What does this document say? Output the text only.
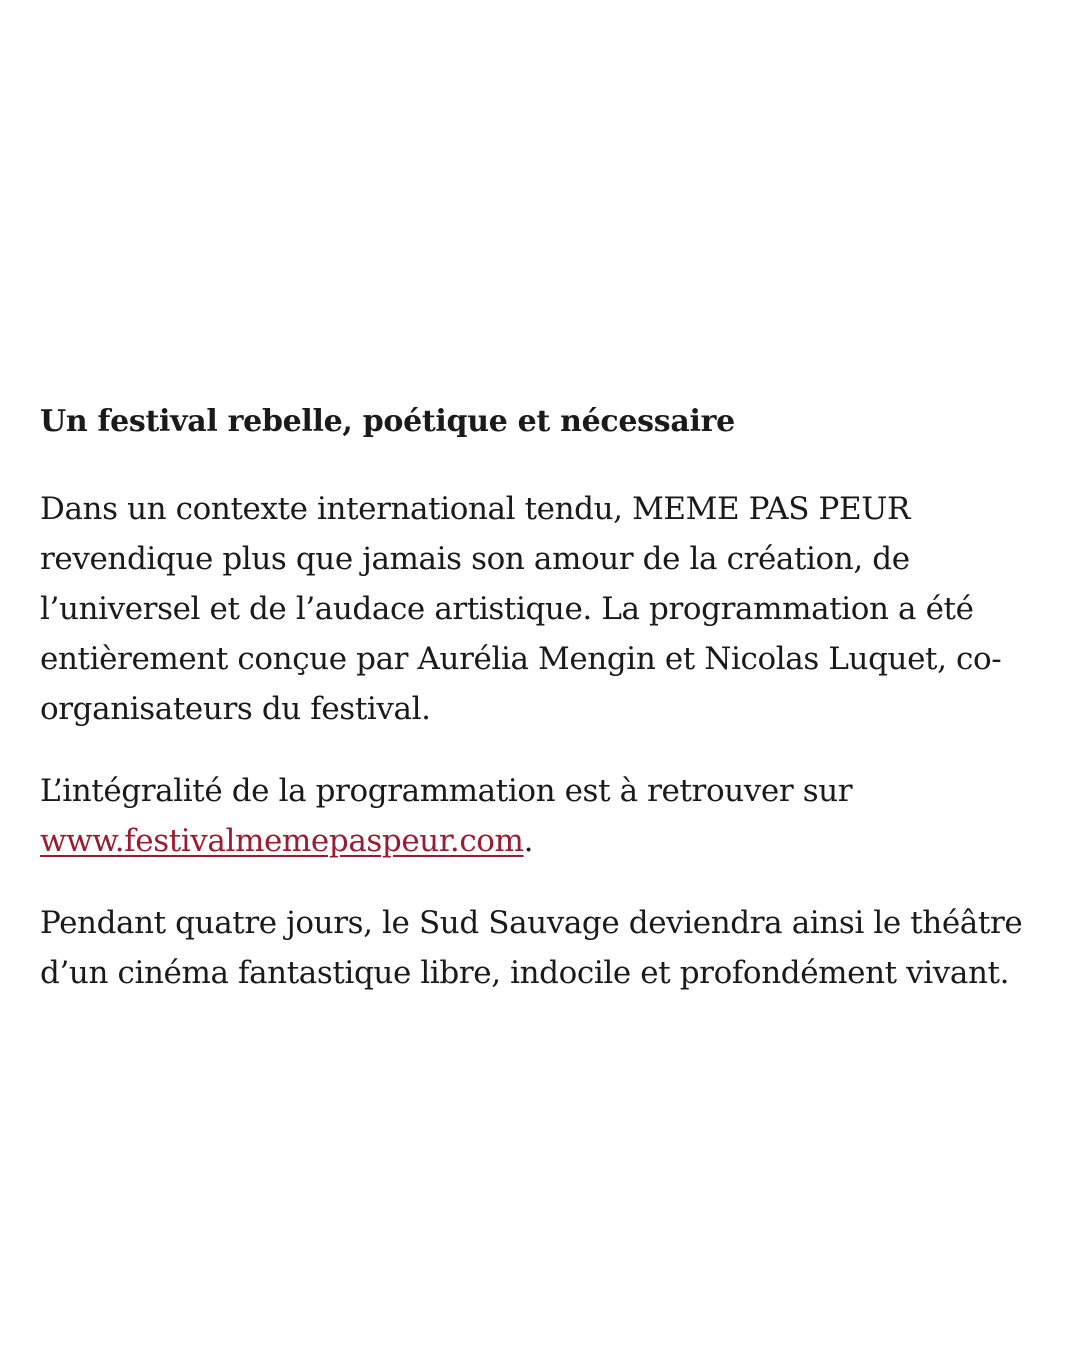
Un festival rebelle, poétique et nécessaire

Dans un contexte international tendu, MEME PAS PEUR revendique plus que jamais son amour de la création, de l’universel et de l’audace artistique. La programmation a été entièrement conçue par Aurélia Mengin et Nicolas Luquet, co-organisateurs du festival.

L’intégralité de la programmation est à retrouver sur
www.festivalmemepaspeur.com.

Pendant quatre jours, le Sud Sauvage deviendra ainsi le théâtre d’un cinéma fantastique libre, indocile et profondément vivant.
